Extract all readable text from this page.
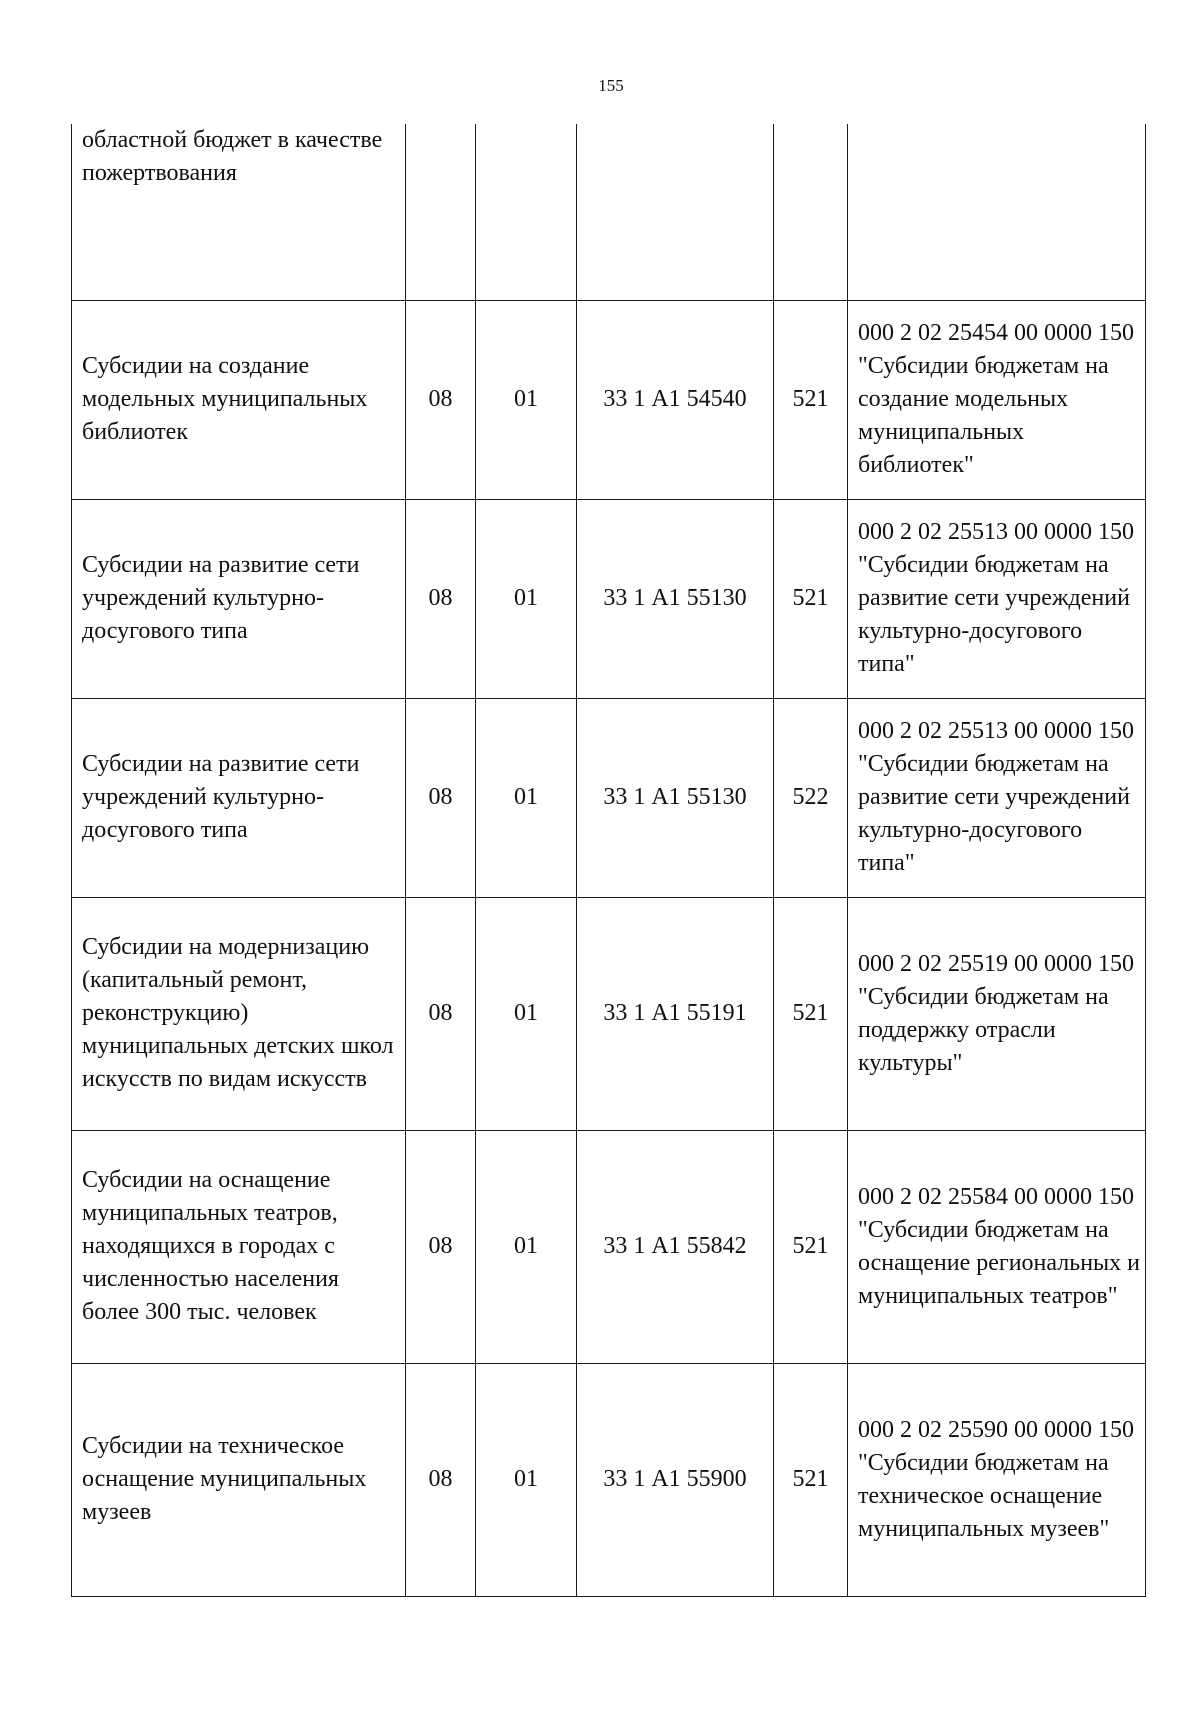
155
областной бюджет в качестве пожертвования					
Субсидии на создание модельных муниципальных библиотек	08	01	33 1 А1 54540	521	000 2 02 25454 00 0000 150 "Субсидии бюджетам на создание модельных муниципальных библиотек"
Субсидии на развитие сети учреждений культурно-досугового типа	08	01	33 1 А1 55130	521	000 2 02 25513 00 0000 150 "Субсидии бюджетам на развитие сети учреждений культурно-досугового типа"
Субсидии на развитие сети учреждений культурно-досугового типа	08	01	33 1 А1 55130	522	000 2 02 25513 00 0000 150 "Субсидии бюджетам на развитие сети учреждений культурно-досугового типа"
Субсидии на модернизацию (капитальный ремонт, реконструкцию) муниципальных детских школ искусств по видам искусств	08	01	33 1 А1 55191	521	000 2 02 25519 00 0000 150 "Субсидии бюджетам на поддержку отрасли культуры"
Субсидии на оснащение муниципальных театров, находящихся в городах с численностью населения более 300 тыс. человек	08	01	33 1 А1 55842	521	000 2 02 25584 00 0000 150 "Субсидии бюджетам на оснащение региональных и муниципальных театров"
Субсидии на техническое оснащение муниципальных музеев	08	01	33 1 А1 55900	521	000 2 02 25590 00 0000 150 "Субсидии бюджетам на техническое оснащение муниципальных музеев"
